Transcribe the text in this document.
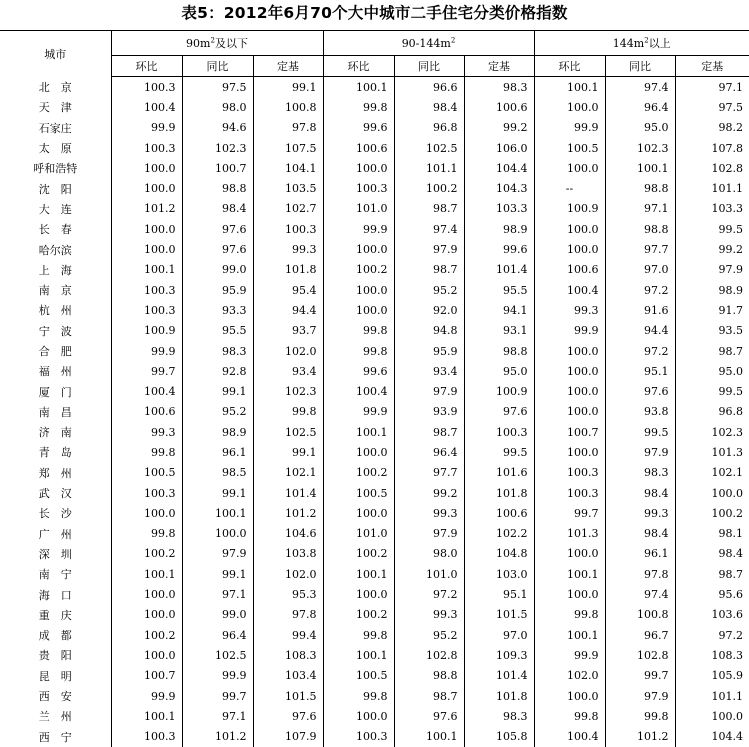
表5：2012年6月70个大中城市二手住宅分类价格指数
城市	$90m^2$及以下			$90-144m^2$			$144m^2$以上		
	环比	同比	定基	环比	同比	定基	环比	同比	定基
北　京	100.3	97.5	99.1	100.1	96.6	98.3	100.1	97.4	97.1
天　津	100.4	98.0	100.8	99.8	98.4	100.6	100.0	96.4	97.5
石家庄	99.9	94.6	97.8	99.6	96.8	99.2	99.9	95.0	98.2
太　原	100.3	102.3	107.5	100.6	102.5	106.0	100.5	102.3	107.8
呼和浩特	100.0	100.7	104.1	100.0	101.1	104.4	100.0	100.1	102.8
沈　阳	100.0	98.8	103.5	100.3	100.2	104.3	--	98.8	101.1
大　连	101.2	98.4	102.7	101.0	98.7	103.3	100.9	97.1	103.3
长　春	100.0	97.6	100.3	99.9	97.4	98.9	100.0	98.8	99.5
哈尔滨	100.0	97.6	99.3	100.0	97.9	99.6	100.0	97.7	99.2
上　海	100.1	99.0	101.8	100.2	98.7	101.4	100.6	97.0	97.9
南　京	100.3	95.9	95.4	100.0	95.2	95.5	100.4	97.2	98.9
杭　州	100.3	93.3	94.4	100.0	92.0	94.1	99.3	91.6	91.7
宁　波	100.9	95.5	93.7	99.8	94.8	93.1	99.9	94.4	93.5
合　肥	99.9	98.3	102.0	99.8	95.9	98.8	100.0	97.2	98.7
福　州	99.7	92.8	93.4	99.6	93.4	95.0	100.0	95.1	95.0
厦　门	100.4	99.1	102.3	100.4	97.9	100.9	100.0	97.6	99.5
南　昌	100.6	95.2	99.8	99.9	93.9	97.6	100.0	93.8	96.8
济　南	99.3	98.9	102.5	100.1	98.7	100.3	100.7	99.5	102.3
青　岛	99.8	96.1	99.1	100.0	96.4	99.5	100.0	97.9	101.3
郑　州	100.5	98.5	102.1	100.2	97.7	101.6	100.3	98.3	102.1
武　汉	100.3	99.1	101.4	100.5	99.2	101.8	100.3	98.4	100.0
长　沙	100.0	100.1	101.2	100.0	99.3	100.6	99.7	99.3	100.2
广　州	99.8	100.0	104.6	101.0	97.9	102.2	101.3	98.4	98.1
深　圳	100.2	97.9	103.8	100.2	98.0	104.8	100.0	96.1	98.4
南　宁	100.1	99.1	102.0	100.1	101.0	103.0	100.1	97.8	98.7
海　口	100.0	97.1	95.3	100.0	97.2	95.1	100.0	97.4	95.6
重　庆	100.0	99.0	97.8	100.2	99.3	101.5	99.8	100.8	103.6
成　都	100.2	96.4	99.4	99.8	95.2	97.0	100.1	96.7	97.2
贵　阳	100.0	102.5	108.3	100.1	102.8	109.3	99.9	102.8	108.3
昆　明	100.7	99.9	103.4	100.5	98.8	101.4	102.0	99.7	105.9
西　安	99.9	99.7	101.5	99.8	98.7	101.8	100.0	97.9	101.1
兰　州	100.1	97.1	97.6	100.0	97.6	98.3	99.8	99.8	100.0
西　宁	100.3	101.2	107.9	100.3	100.1	105.8	100.4	101.2	104.4
